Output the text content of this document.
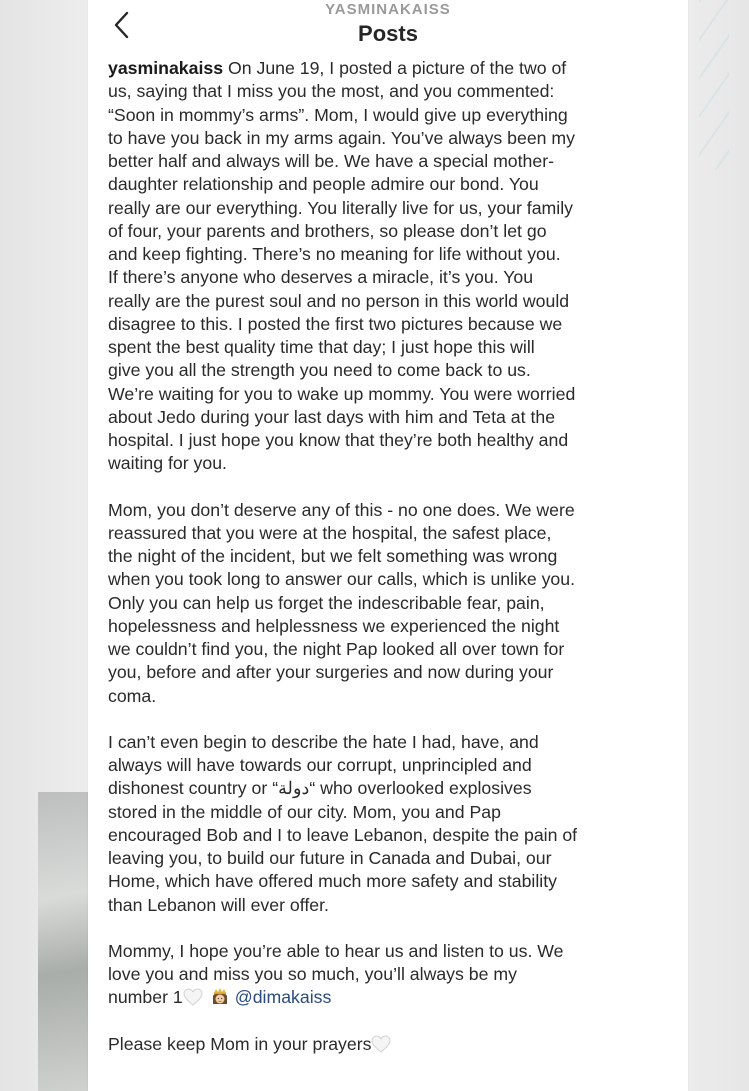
YASMINAKAISS
Posts

yasminakaiss On June 19, I posted a picture of the two of

us, saying that I miss you the most, and you commented:

“Soon in mommy’s arms”. Mom, I would give up everything

to have you back in my arms again. You’ve always been my

better half and always will be. We have a special mother-

daughter relationship and people admire our bond. You

really are our everything. You literally live for us, your family

of four, your parents and brothers, so please don’t let go

and keep fighting. There’s no meaning for life without you.

If there’s anyone who deserves a miracle, it’s you. You

really are the purest soul and no person in this world would

disagree to this. I posted the first two pictures because we

spent the best quality time that day; I just hope this will

give you all the strength you need to come back to us.

We’re waiting for you to wake up mommy. You were worried

about Jedo during your last days with him and Teta at the

hospital. I just hope you know that they’re both healthy and

waiting for you.

Mom, you don’t deserve any of this - no one does. We were

reassured that you were at the hospital, the safest place,

the night of the incident, but we felt something was wrong

when you took long to answer our calls, which is unlike you.

Only you can help us forget the indescribable fear, pain,

hopelessness and helplessness we experienced the night

we couldn’t find you, the night Pap looked all over town for

you, before and after your surgeries and now during your

coma.

I can’t even begin to describe the hate I had, have, and

always will have towards our corrupt, unprincipled and

dishonest country or “دولة“ who overlooked explosives

stored in the middle of our city. Mom, you and Pap

encouraged Bob and I to leave Lebanon, despite the pain of

leaving you, to build our future in Canada and Dubai, our

Home, which have offered much more safety and stability

than Lebanon will ever offer.

Mommy, I hope you’re able to hear us and listen to us. We

love you and miss you so much, you’ll always be my

number 1	@dimakaiss

Please keep Mom in your prayers
